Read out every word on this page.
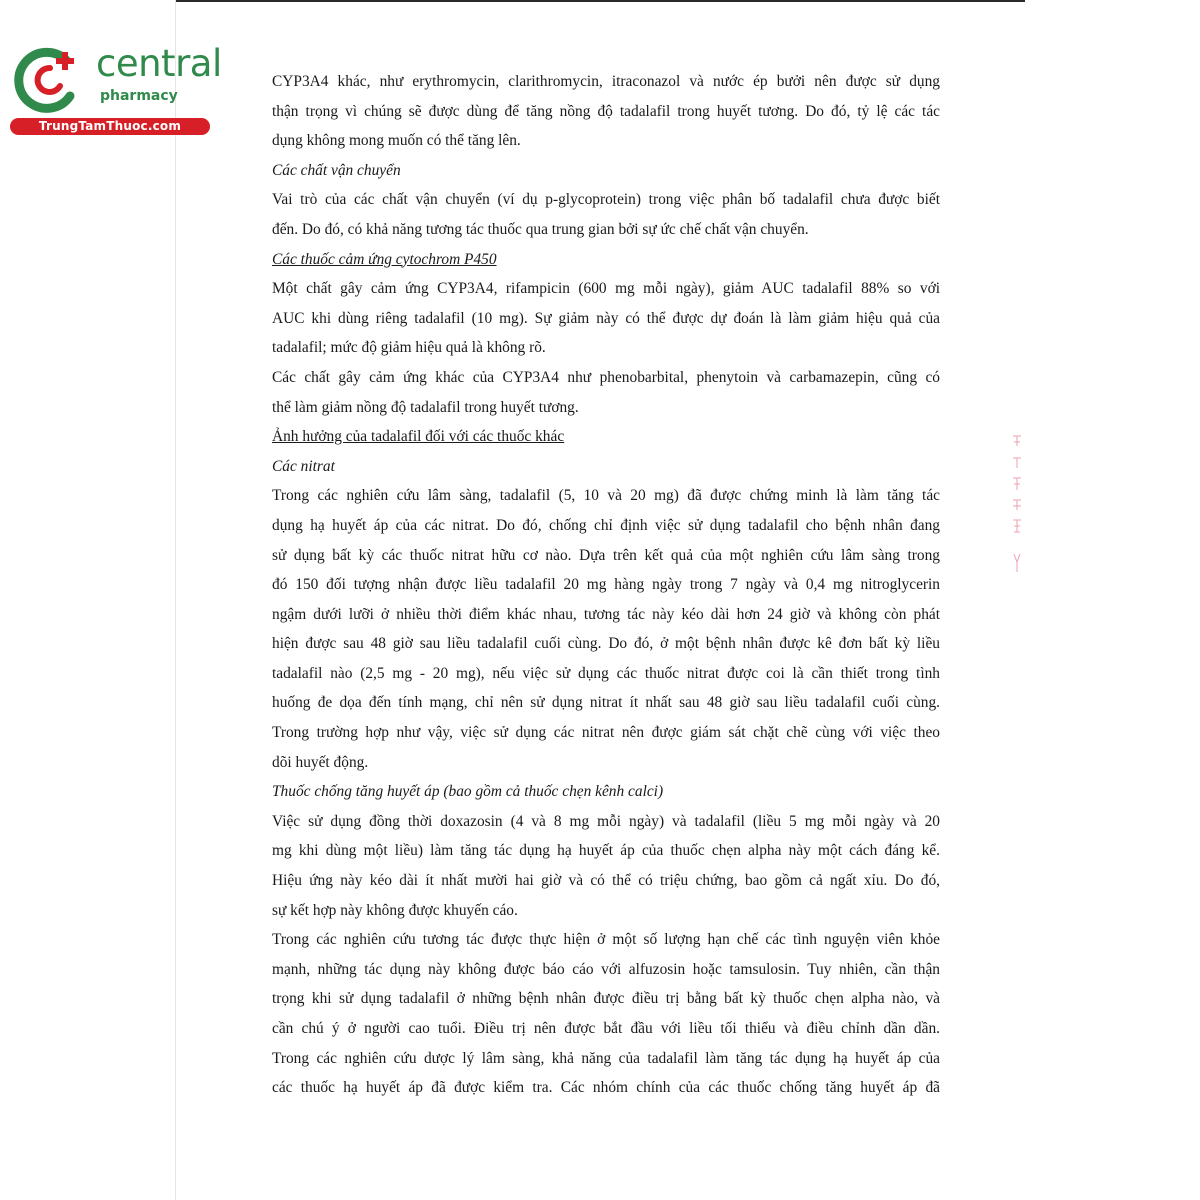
central
pharmacy
TrungTamThuoc.com

CYP3A4 khác, như erythromycin, clarithromycin, itraconazol và nước ép bưởi nên được sử dụng

thận trọng vì chúng sẽ được dùng để tăng nồng độ tadalafil trong huyết tương. Do đó, tỷ lệ các tác

dụng không mong muốn có thể tăng lên.

Các chất vận chuyển

Vai trò của các chất vận chuyển (ví dụ p-glycoprotein) trong việc phân bố tadalafil chưa được biết

đến. Do đó, có khả năng tương tác thuốc qua trung gian bởi sự ức chế chất vận chuyển.

Các thuốc cảm ứng cytochrom P450

Một chất gây cảm ứng CYP3A4, rifampicin (600 mg mỗi ngày), giảm AUC tadalafil 88% so với

AUC khi dùng riêng tadalafil (10 mg). Sự giảm này có thể được dự đoán là làm giảm hiệu quả của

tadalafil; mức độ giảm hiệu quả là không rõ.

Các chất gây cảm ứng khác của CYP3A4 như phenobarbital, phenytoin và carbamazepin, cũng có

thể làm giảm nồng độ tadalafil trong huyết tương.

Ảnh hưởng của tadalafil đối với các thuốc khác

Các nitrat

Trong các nghiên cứu lâm sàng, tadalafil (5, 10 và 20 mg) đã được chứng minh là làm tăng tác

dụng hạ huyết áp của các nitrat. Do đó, chống chỉ định việc sử dụng tadalafil cho bệnh nhân đang

sử dụng bất kỳ các thuốc nitrat hữu cơ nào. Dựa trên kết quả của một nghiên cứu lâm sàng trong

đó 150 đối tượng nhận được liều tadalafil 20 mg hàng ngày trong 7 ngày và 0,4 mg nitroglycerin

ngậm dưới lưỡi ở nhiều thời điểm khác nhau, tương tác này kéo dài hơn 24 giờ và không còn phát

hiện được sau 48 giờ sau liều tadalafil cuối cùng. Do đó, ở một bệnh nhân được kê đơn bất kỳ liều

tadalafil nào (2,5 mg - 20 mg), nếu việc sử dụng các thuốc nitrat được coi là cần thiết trong tình

huống đe dọa đến tính mạng, chỉ nên sử dụng nitrat ít nhất sau 48 giờ sau liều tadalafil cuối cùng.

Trong trường hợp như vậy, việc sử dụng các nitrat nên được giám sát chặt chẽ cùng với việc theo

dõi huyết động.

Thuốc chống tăng huyết áp (bao gồm cả thuốc chẹn kênh calci)

Việc sử dụng đồng thời doxazosin (4 và 8 mg mỗi ngày) và tadalafil (liều 5 mg mỗi ngày và 20

mg khi dùng một liều) làm tăng tác dụng hạ huyết áp của thuốc chẹn alpha này một cách đáng kể.

Hiệu ứng này kéo dài ít nhất mười hai giờ và có thể có triệu chứng, bao gồm cả ngất xỉu. Do đó,

sự kết hợp này không được khuyến cáo.

Trong các nghiên cứu tương tác được thực hiện ở một số lượng hạn chế các tình nguyện viên khỏe

mạnh, những tác dụng này không được báo cáo với alfuzosin hoặc tamsulosin. Tuy nhiên, cần thận

trọng khi sử dụng tadalafil ở những bệnh nhân được điều trị bằng bất kỳ thuốc chẹn alpha nào, và

cần chú ý ở người cao tuổi. Điều trị nên được bắt đầu với liều tối thiểu và điều chỉnh dần dần.

Trong các nghiên cứu dược lý lâm sàng, khả năng của tadalafil làm tăng tác dụng hạ huyết áp của

các thuốc hạ huyết áp đã được kiểm tra. Các nhóm chính của các thuốc chống tăng huyết áp đã
